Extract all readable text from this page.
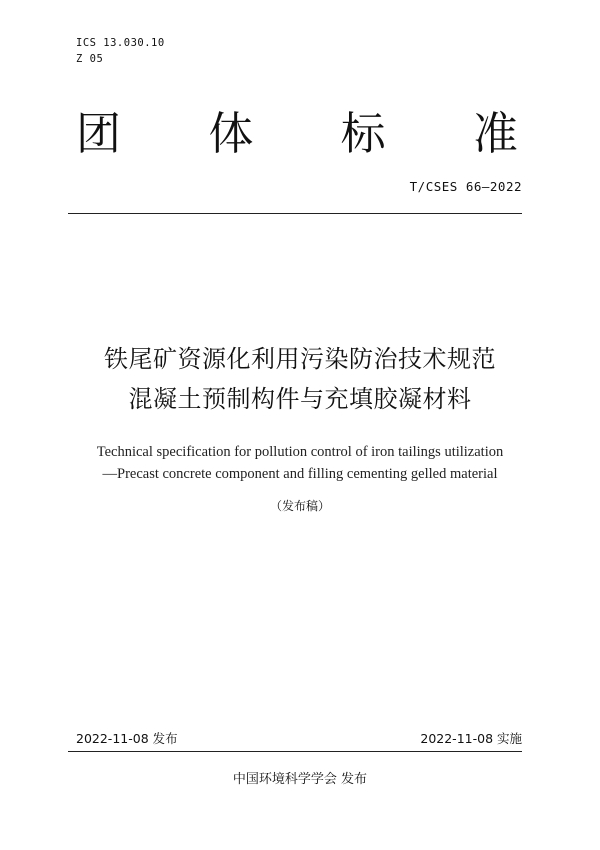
ICS 13.030.10
Z 05
团 体 标 准
T/CSES 66—2022
铁尾矿资源化利用污染防治技术规范
混凝土预制构件与充填胶凝材料
Technical specification for pollution control of iron tailings utilization
—Precast concrete component and filling cementing gelled material
（发布稿）
2022-11-08 发布	2022-11-08 实施
中国环境科学学会 发布
